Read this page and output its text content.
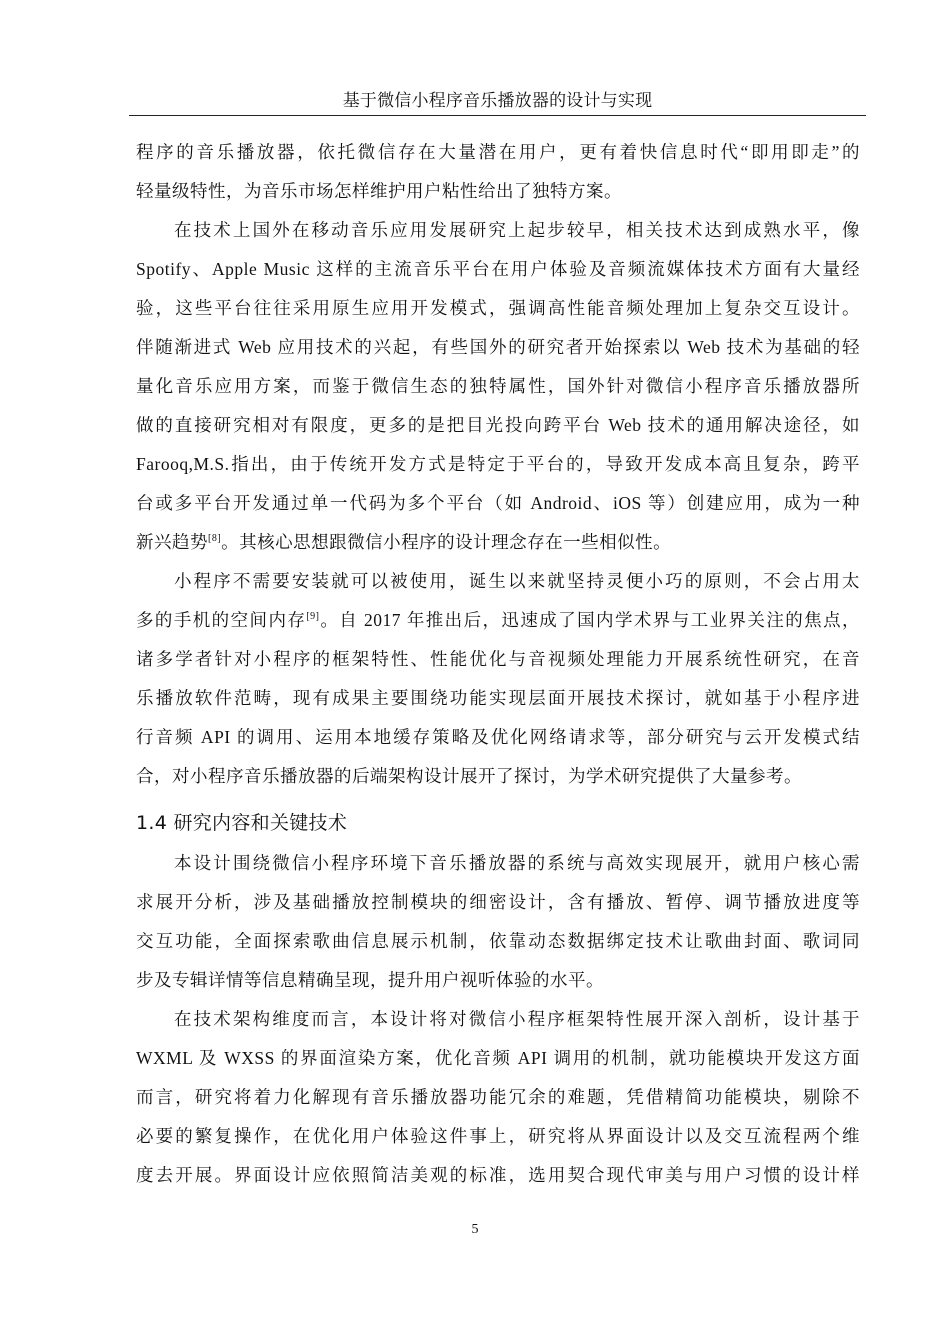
基于微信小程序音乐播放器的设计与实现
程序的音乐播放器，依托微信存在大量潜在用户，更有着快信息时代“即用即走”的
轻量级特性，为音乐市场怎样维护用户粘性给出了独特方案。
在技术上国外在移动音乐应用发展研究上起步较早，相关技术达到成熟水平，像
Spotify、Apple Music 这样的主流音乐平台在用户体验及音频流媒体技术方面有大量经
验，这些平台往往采用原生应用开发模式，强调高性能音频处理加上复杂交互设计。
伴随渐进式 Web 应用技术的兴起，有些国外的研究者开始探索以 Web 技术为基础的轻
量化音乐应用方案，而鉴于微信生态的独特属性，国外针对微信小程序音乐播放器所
做的直接研究相对有限度，更多的是把目光投向跨平台 Web 技术的通用解决途径，如
Farooq,M.S.指出，由于传统开发方式是特定于平台的，导致开发成本高且复杂，跨平
台或多平台开发通过单一代码为多个平台（如 Android、iOS 等）创建应用，成为一种
新兴趋势[8]。其核心思想跟微信小程序的设计理念存在一些相似性。
小程序不需要安装就可以被使用，诞生以来就坚持灵便小巧的原则，不会占用太
多的手机的空间内存[9]。自 2017 年推出后，迅速成了国内学术界与工业界关注的焦点，
诸多学者针对小程序的框架特性、性能优化与音视频处理能力开展系统性研究，在音
乐播放软件范畴，现有成果主要围绕功能实现层面开展技术探讨，就如基于小程序进
行音频 API 的调用、运用本地缓存策略及优化网络请求等，部分研究与云开发模式结
合，对小程序音乐播放器的后端架构设计展开了探讨，为学术研究提供了大量参考。
1.4 研究内容和关键技术
本设计围绕微信小程序环境下音乐播放器的系统与高效实现展开，就用户核心需
求展开分析，涉及基础播放控制模块的细密设计，含有播放、暂停、调节播放进度等
交互功能，全面探索歌曲信息展示机制，依靠动态数据绑定技术让歌曲封面、歌词同
步及专辑详情等信息精确呈现，提升用户视听体验的水平。
在技术架构维度而言，本设计将对微信小程序框架特性展开深入剖析，设计基于
WXML 及 WXSS 的界面渲染方案，优化音频 API 调用的机制，就功能模块开发这方面
而言，研究将着力化解现有音乐播放器功能冗余的难题，凭借精简功能模块，剔除不
必要的繁复操作，在优化用户体验这件事上，研究将从界面设计以及交互流程两个维
度去开展。界面设计应依照简洁美观的标准，选用契合现代审美与用户习惯的设计样
5
